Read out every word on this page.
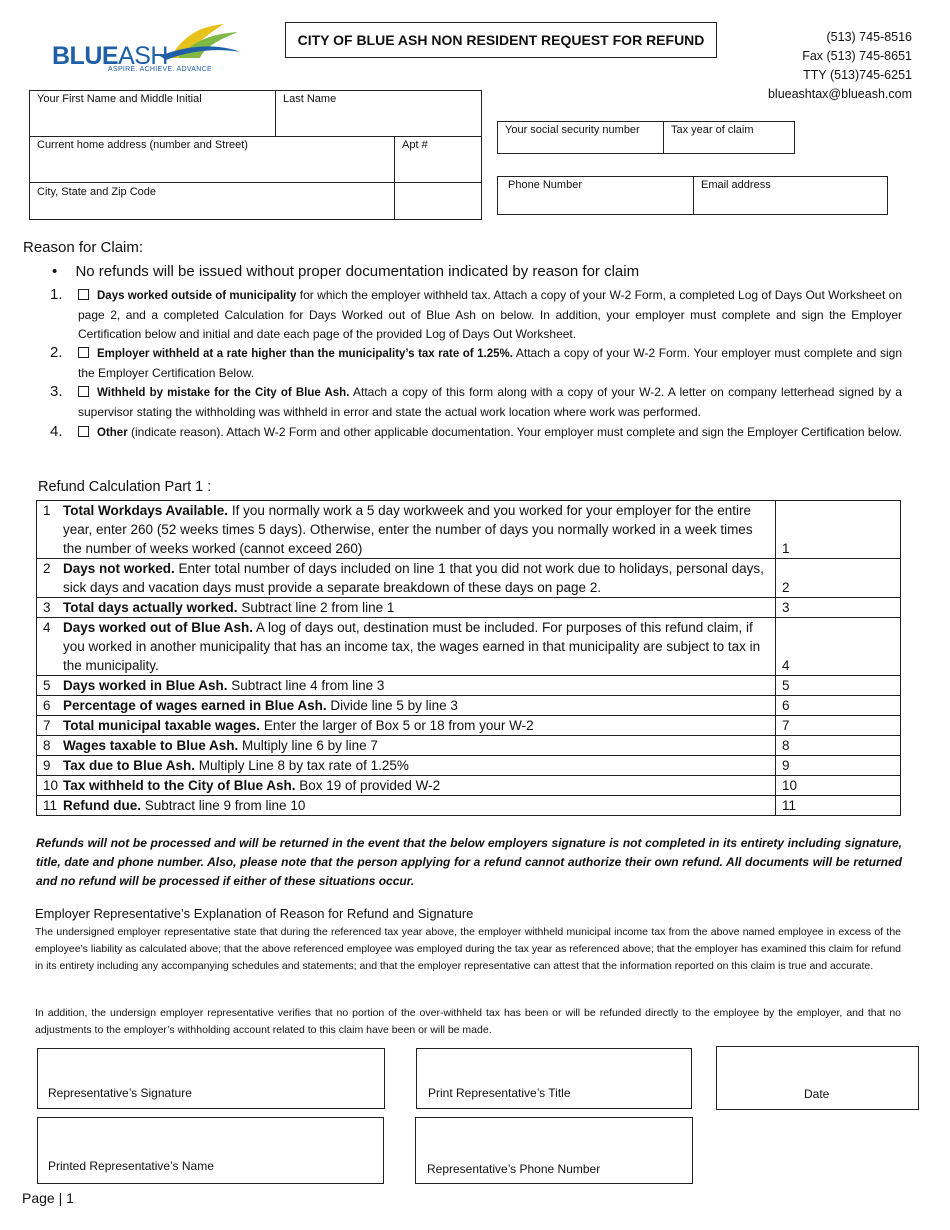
BLUEASH
ASPIRE. ACHIEVE. ADVANCE
CITY OF BLUE ASH NON RESIDENT REQUEST FOR REFUND	(513) 745-8516
Fax (513) 745-8651
TTY (513)745-6251
blueashtax@blueash.com
Your First Name and Middle Initial	Last Name
Current home address (number and Street)	Apt #
City, State and Zip Code
Your social security number	Tax year of claim
Phone Number	Email address
Reason for Claim:
• No refunds will be issued without proper documentation indicated by reason for claim
1.	Days worked outside of municipality for which the employer withheld tax. Attach a copy of your W-2 Form, a completed Log of Days Out Worksheet on page 2, and a completed Calculation for Days Worked out of Blue Ash on below. In addition, your employer must complete and sign the Employer Certification below and initial and date each page of the provided Log of Days Out Worksheet.
2.	Employer withheld at a rate higher than the municipality’s tax rate of 1.25%. Attach a copy of your W-2 Form. Your employer must complete and sign the Employer Certification Below.
3.	Withheld by mistake for the City of Blue Ash. Attach a copy of this form along with a copy of your W-2. A letter on company letterhead signed by a supervisor stating the withholding was withheld in error and state the actual work location where work was performed.
4.	Other (indicate reason). Attach W-2 Form and other applicable documentation. Your employer must complete and sign the Employer Certification below.
Refund Calculation Part 1 :
1 Total Workdays Available. If you normally work a 5 day workweek and you worked for your employer for the entire year, enter 260 (52 weeks times 5 days). Otherwise, enter the number of days you normally worked in a week times the number of weeks worked (cannot exceed 260)	1

2 Days not worked. Enter total number of days included on line 1 that you did not work due to holidays, personal days, sick days and vacation days must provide a separate breakdown of these days on page 2.	2

3 Total days actually worked. Subtract line 2 from line 1	3

4 Days worked out of Blue Ash. A log of days out, destination must be included. For purposes of this refund claim, if you worked in another municipality that has an income tax, the wages earned in that municipality are subject to tax in the municipality.	4

5 Days worked in Blue Ash. Subtract line 4 from line 3	5

6 Percentage of wages earned in Blue Ash. Divide line 5 by line 3	6

7 Total municipal taxable wages. Enter the larger of Box 5 or 18 from your W-2	7

8 Wages taxable to Blue Ash. Multiply line 6 by line 7	8

9 Tax due to Blue Ash. Multiply Line 8 by tax rate of 1.25%	9

10 Tax withheld to the City of Blue Ash. Box 19 of provided W-2	10

11 Refund due. Subtract line 9 from line 10	11
Refunds will not be processed and will be returned in the event that the below employers signature is not completed in its entirety including signature, title, date and phone number. Also, please note that the person applying for a refund cannot authorize their own refund. All documents will be returned and no refund will be processed if either of these situations occur.
Employer Representative’s Explanation of Reason for Refund and Signature
The undersigned employer representative state that during the referenced tax year above, the employer withheld municipal income tax from the above named employee in excess of the employee’s liability as calculated above; that the above referenced employee was employed during the tax year as referenced above; that the employer has examined this claim for refund in its entirety including any accompanying schedules and statements; and that the employer representative can attest that the information reported on this claim is true and accurate.
In addition, the undersign employer representative verifies that no portion of the over-withheld tax has been or will be refunded directly to the employee by the employer, and that no adjustments to the employer’s withholding account related to this claim have been or will be made.
Representative’s Signature	Print Representative’s Title	Date
Printed Representative’s Name	Representative’s Phone Number
Page | 1
